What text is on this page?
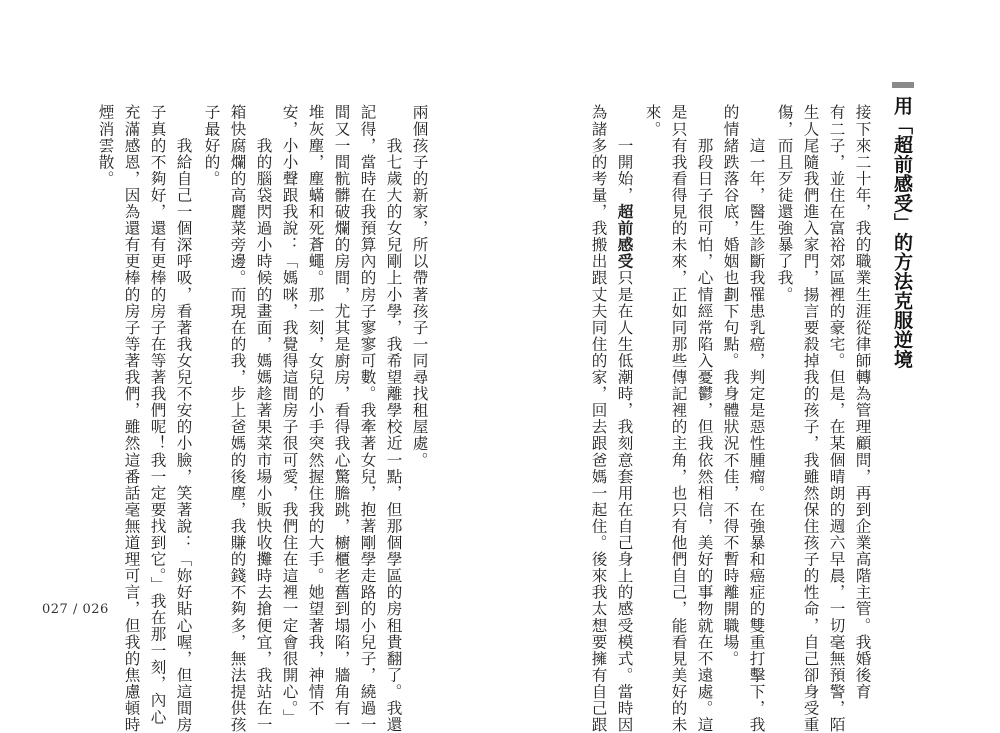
用「超前感受」的方法克服逆境
接下來二十年，我的職業生涯從律師轉為管理顧問，再到企業高階主管。我婚後育
有二子，並住在富裕郊區裡的豪宅。但是，在某個晴朗的週六早晨，一切毫無預警，陌
生人尾隨我們進入家門，揚言要殺掉我的孩子，我雖然保住孩子的性命，自己卻身受重
傷，而且歹徒還強暴了我。
　　這一年，醫生診斷我罹患乳癌，判定是惡性腫瘤。在強暴和癌症的雙重打擊下，我
的情緒跌落谷底，婚姻也劃下句點。我身體狀況不佳，不得不暫時離開職場。
　　那段日子很可怕，心情經常陷入憂鬱，但我依然相信，美好的事物就在不遠處。這
是只有我看得見的未來，正如同那些傳記裡的主角，也只有他們自己，能看見美好的未
來。
　　一開始，超前感受只是在人生低潮時，我刻意套用在自己身上的感受模式。當時因
為諸多的考量，我搬出跟丈夫同住的家，回去跟爸媽一起住。後來我太想要擁有自己跟
兩個孩子的新家，所以帶著孩子一同尋找租屋處。
　　我七歲大的女兒剛上小學，我希望離學校近一點，但那個學區的房租貴翻了。我還
記得，當時在我預算內的房子寥寥可數。我牽著女兒，抱著剛學走路的小兒子，繞過一
間又一間骯髒破爛的房間，尤其是廚房，看得我心驚膽跳，櫥櫃老舊到塌陷，牆角有一
堆灰塵，塵蟎和死蒼蠅。那一刻，女兒的小手突然握住我的大手。她望著我，神情不
安，小小聲跟我說：「媽咪，我覺得這間房子很可愛，我們住在這裡一定會很開心。」
　　我的腦袋閃過小時候的畫面，媽媽趁著果菜市場小販快收攤時去搶便宜，我站在一
箱快腐爛的高麗菜旁邊。而現在的我，步上爸媽的後塵，我賺的錢不夠多，無法提供孩
子最好的。
　　我給自己一個深呼吸，看著我女兒不安的小臉，笑著說：「妳好貼心喔，但這間房
子真的不夠好，還有更棒的房子在等著我們呢！我一定要找到它。」我在那一刻，內心
充滿感恩，因為還有更棒的房子等著我們，雖然這番話毫無道理可言，但我的焦慮頓時
煙消雲散。
027 / 026
